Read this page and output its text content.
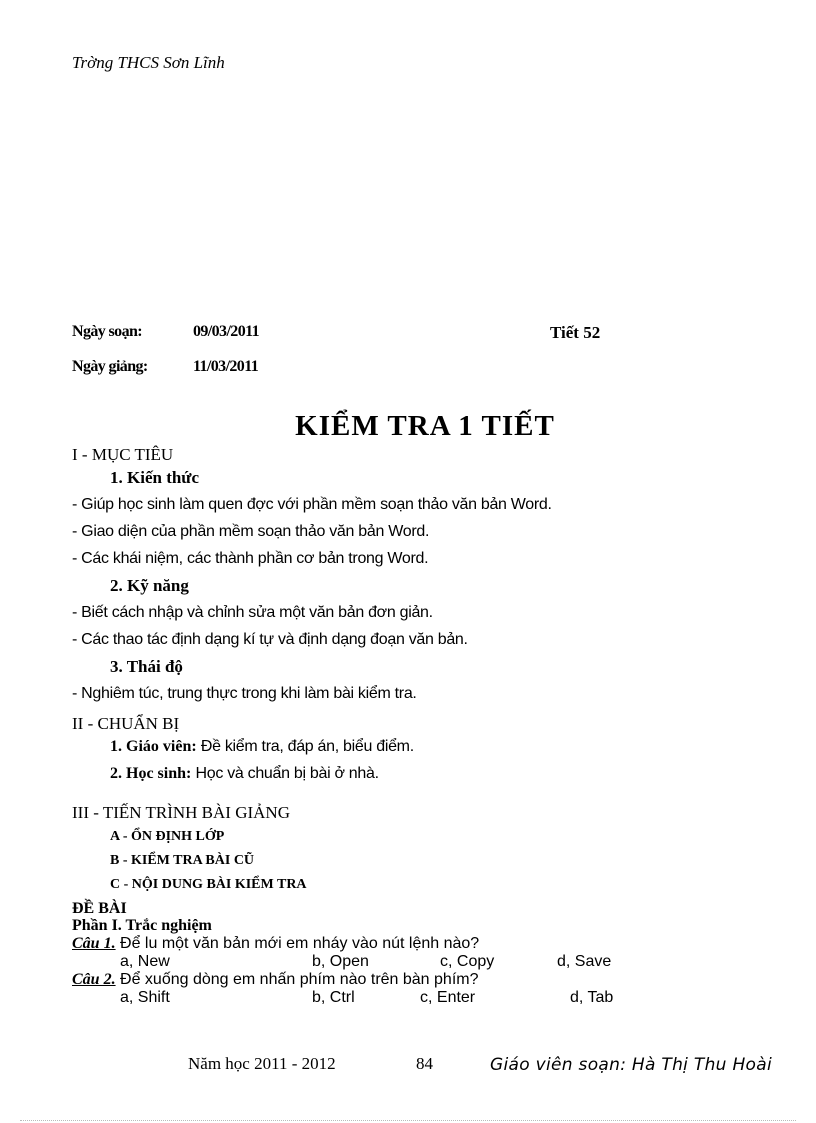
Trờng THCS Sơn Lĩnh
Ngày soạn:	09/03/2011	Tiết 52
Ngày giảng:	11/03/2011
KIỂM TRA 1 TIẾT
I - MỤC TIÊU
1. Kiến thức
- Giúp học sinh làm quen đợc với phần mềm soạn thảo văn bản Word.
- Giao diện của phần mềm soạn thảo văn bản Word.
- Các khái niệm, các thành phần cơ bản trong Word.
2. Kỹ năng
- Biết cách nhập và chỉnh sửa một văn bản đơn giản.
- Các thao tác định dạng kí tự và định dạng đoạn văn bản.
3. Thái độ
- Nghiêm túc, trung thực trong khi làm bài kiểm tra.
II - CHUẨN BỊ
1. Giáo viên: Đề kiểm tra, đáp án, biểu điểm.
2. Học sinh: Học và chuẩn bị bài ở nhà.
III - TIẾN TRÌNH BÀI GIẢNG
A - ỔN ĐỊNH LỚP
B - KIỂM TRA BÀI CŨ
C - NỘI DUNG BÀI KIỂM TRA
ĐỀ BÀI
Phần I. Trắc nghiệm
Câu 1. Để lu một văn bản mới em nháy vào nút lệnh nào?
a, New	b, Open	c, Copy	d, Save
Câu 2. Để xuống dòng em nhấn phím nào trên bàn phím?
a, Shift	b, Ctrl	c, Enter	d, Tab
Năm học 2011 - 2012	84	Giáo viên soạn: Hà Thị Thu Hoài
